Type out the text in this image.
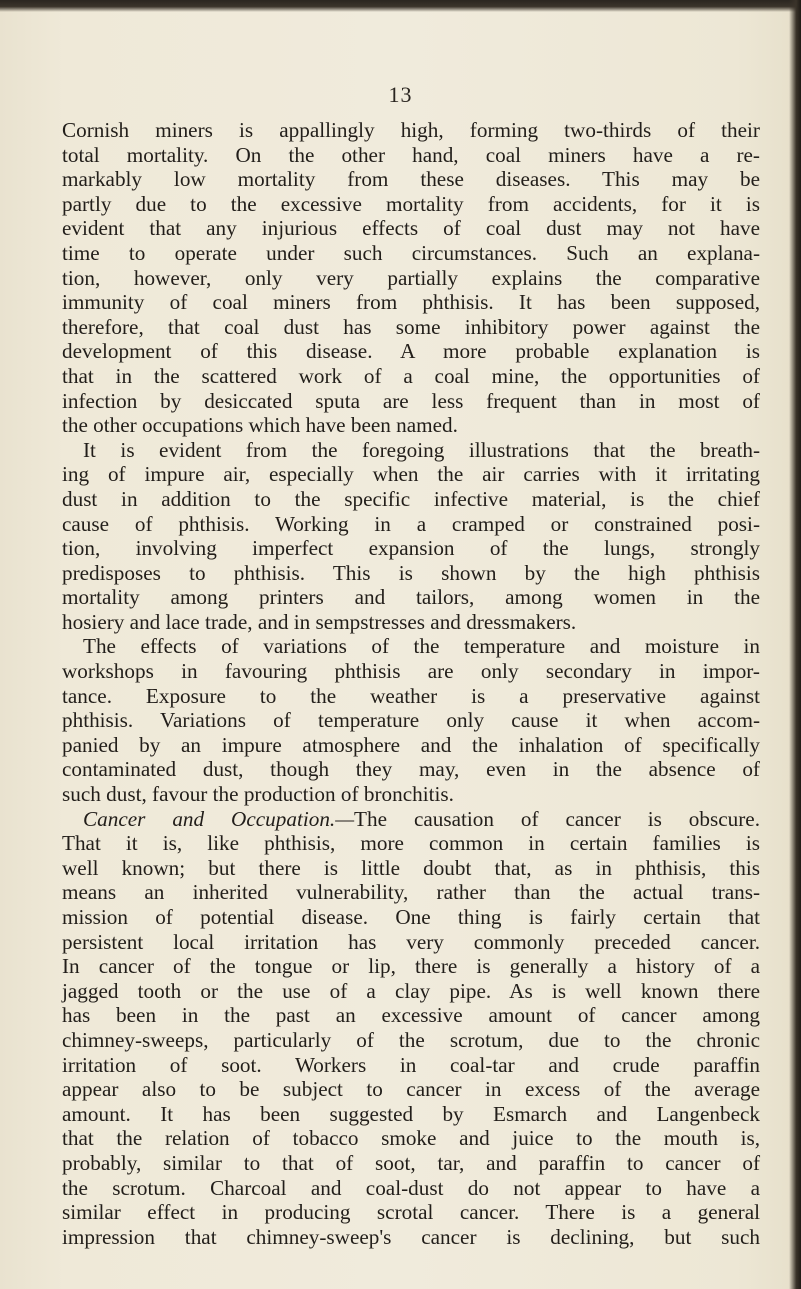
13
Cornish miners is appallingly high, forming two-thirds of their
total mortality. On the other hand, coal miners have a re-
markably low mortality from these diseases. This may be
partly due to the excessive mortality from accidents, for it is
evident that any injurious effects of coal dust may not have
time to operate under such circumstances. Such an explana-
tion, however, only very partially explains the comparative
immunity of coal miners from phthisis. It has been supposed,
therefore, that coal dust has some inhibitory power against the
development of this disease. A more probable explanation is
that in the scattered work of a coal mine, the opportunities of
infection by desiccated sputa are less frequent than in most of
the other occupations which have been named.
It is evident from the foregoing illustrations that the breath-
ing of impure air, especially when the air carries with it irritating
dust in addition to the specific infective material, is the chief
cause of phthisis. Working in a cramped or constrained posi-
tion, involving imperfect expansion of the lungs, strongly
predisposes to phthisis. This is shown by the high phthisis
mortality among printers and tailors, among women in the
hosiery and lace trade, and in sempstresses and dressmakers.
The effects of variations of the temperature and moisture in
workshops in favouring phthisis are only secondary in impor-
tance. Exposure to the weather is a preservative against
phthisis. Variations of temperature only cause it when accom-
panied by an impure atmosphere and the inhalation of specifically
contaminated dust, though they may, even in the absence of
such dust, favour the production of bronchitis.
Cancer and Occupation.—The causation of cancer is obscure.
That it is, like phthisis, more common in certain families is
well known; but there is little doubt that, as in phthisis, this
means an inherited vulnerability, rather than the actual trans-
mission of potential disease. One thing is fairly certain that
persistent local irritation has very commonly preceded cancer.
In cancer of the tongue or lip, there is generally a history of a
jagged tooth or the use of a clay pipe. As is well known there
has been in the past an excessive amount of cancer among
chimney-sweeps, particularly of the scrotum, due to the chronic
irritation of soot. Workers in coal-tar and crude paraffin
appear also to be subject to cancer in excess of the average
amount. It has been suggested by Esmarch and Langenbeck
that the relation of tobacco smoke and juice to the mouth is,
probably, similar to that of soot, tar, and paraffin to cancer of
the scrotum. Charcoal and coal-dust do not appear to have a
similar effect in producing scrotal cancer. There is a general
impression that chimney-sweep's cancer is declining, but such
